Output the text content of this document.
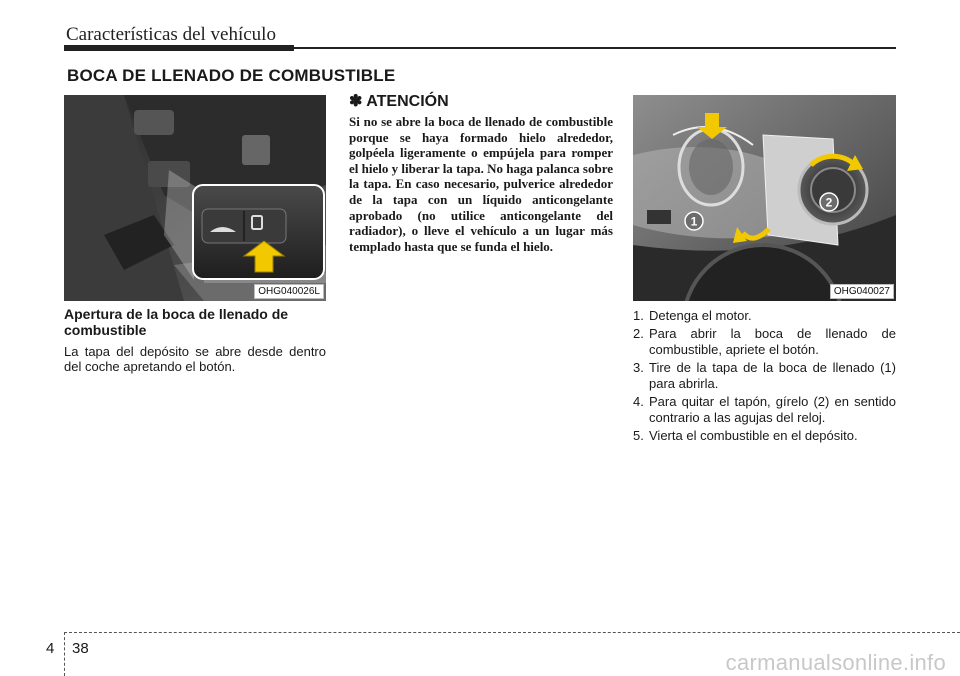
Características del vehículo
BOCA DE LLENADO DE COMBUSTIBLE
OHG040026L

Apertura de la boca de llenado de combustible

La tapa del depósito se abre desde dentro del coche apretando el botón.

✽ ATENCIÓN

Si no se abre la boca de llenado de combustible porque se haya formado hielo alrededor, golpéela ligeramente o empújela para romper el hielo y liberar la tapa. No haga palanca sobre la tapa. En caso necesario, pulverice alrededor de la tapa con un líquido anticongelante aprobado (no utilice anticongelante del radiador), o lleve el vehículo a un lugar más templado hasta que se funda el hielo.

1
2
OHG040027
1. Detenga el motor.
2. Para abrir la boca de llenado de combustible, apriete el botón.
3. Tire de la tapa de la boca de llenado (1) para abrirla.
4. Para quitar el tapón, gírelo (2) en sentido contrario a las agujas del reloj.
5. Vierta el combustible en el depósito.
4 38
carmanualsonline.info
